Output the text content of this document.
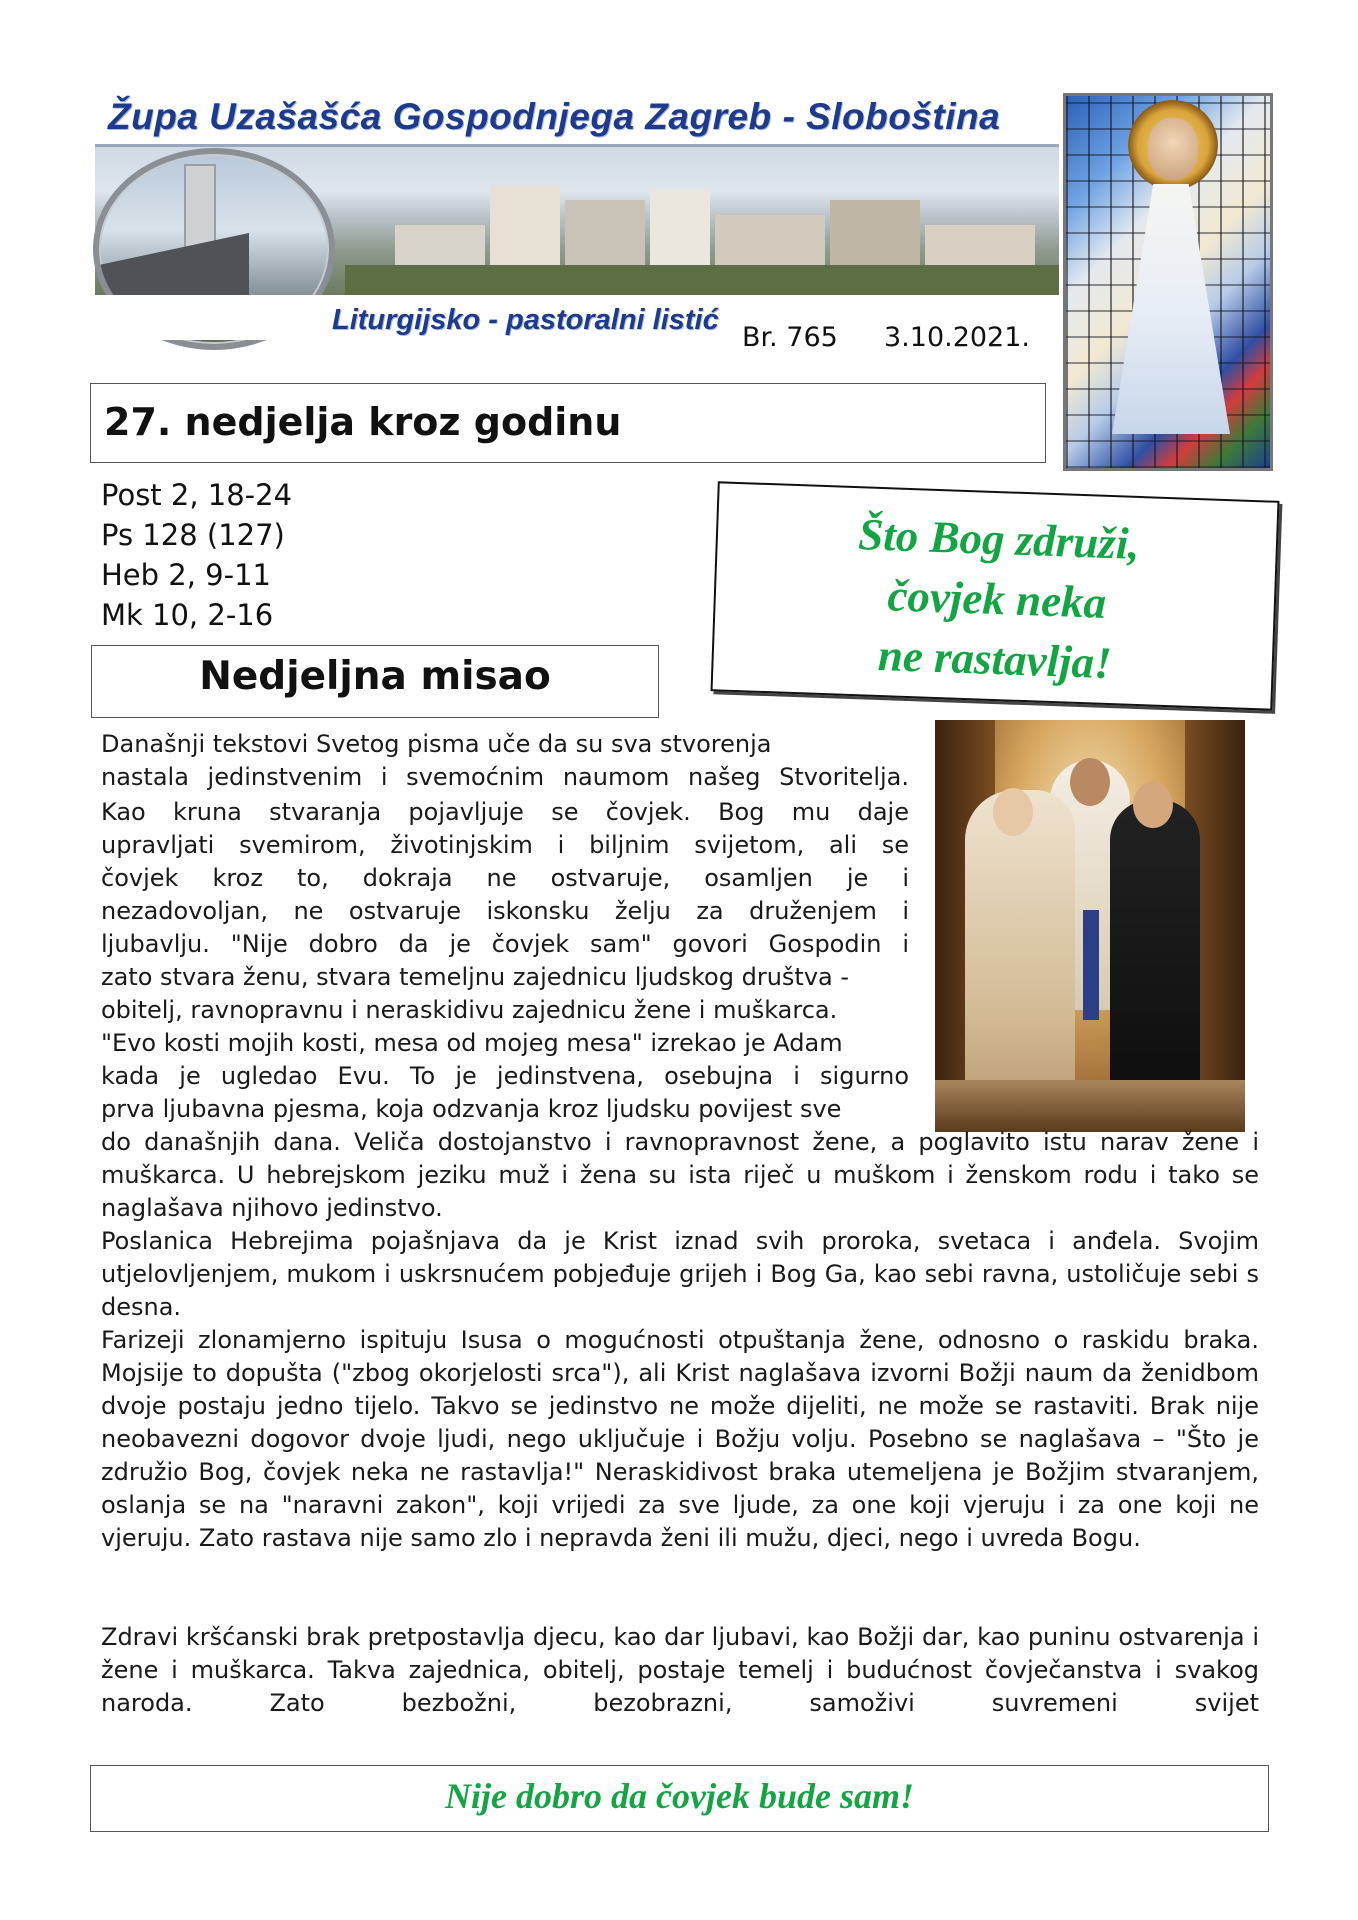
Župa Uzašašća Gospodnjega Zagreb - Sloboština
Liturgijsko - pastoralni listić
Br. 765 3.10.2021.
27. nedjelja kroz godinu
Post 2, 18-24
Ps 128 (127)
Heb 2, 9-11
Mk 10, 2-16
Što Bog združi,
čovjek neka
ne rastavlja!
Nedjeljna misao
Današnji tekstovi Svetog pisma uče da su sva stvorenja
nastala jedinstvenim i svemoćnim naumom našeg Stvoritelja.
Kao kruna stvaranja pojavljuje se čovjek. Bog mu daje
upravljati svemirom, životinjskim i biljnim svijetom, ali se
čovjek kroz to, dokraja ne ostvaruje, osamljen je i
nezadovoljan, ne ostvaruje iskonsku želju za druženjem i
ljubavlju. "Nije dobro da je čovjek sam" govori Gospodin i
zato stvara ženu, stvara temeljnu zajednicu ljudskog društva -
obitelj, ravnopravnu i neraskidivu zajednicu žene i muškarca.
"Evo kosti mojih kosti, mesa od mojeg mesa" izrekao je Adam
kada je ugledao Evu. To je jedinstvena, osebujna i sigurno
prva ljubavna pjesma, koja odzvanja kroz ljudsku povijest sve
do današnjih dana. Veliča dostojanstvo i ravnopravnost žene, a poglavito istu narav žene i muškarca. U hebrejskom jeziku muž i žena su ista riječ u muškom i ženskom rodu i tako se naglašava njihovo jedinstvo.
Poslanica Hebrejima pojašnjava da je Krist iznad svih proroka, svetaca i anđela. Svojim utjelovljenjem, mukom i uskrsnućem pobjeđuje grijeh i Bog Ga, kao sebi ravna, ustoličuje sebi s desna.
Farizeji zlonamjerno ispituju Isusa o mogućnosti otpuštanja žene, odnosno o raskidu braka. Mojsije to dopušta ("zbog okorjelosti srca"), ali Krist naglašava izvorni Božji naum da ženidbom dvoje postaju jedno tijelo. Takvo se jedinstvo ne može dijeliti, ne može se rastaviti. Brak nije neobavezni dogovor dvoje ljudi, nego uključuje i Božju volju. Posebno se naglašava – "Što je združio Bog, čovjek neka ne rastavlja!" Neraskidivost braka utemeljena je Božjim stvaranjem, oslanja se na "naravni zakon", koji vrijedi za sve ljude, za one koji vjeruju i za one koji ne vjeruju. Zato rastava nije samo zlo i nepravda ženi ili mužu, djeci, nego i uvreda Bogu.
Zdravi kršćanski brak pretpostavlja djecu, kao dar ljubavi, kao Božji dar, kao puninu ostvarenja i žene i muškarca. Takva zajednica, obitelj, postaje temelj i budućnost čovječanstva i svakog naroda. Zato bezbožni, bezobrazni, samoživi suvremeni svijet
Nije dobro da čovjek bude sam!
